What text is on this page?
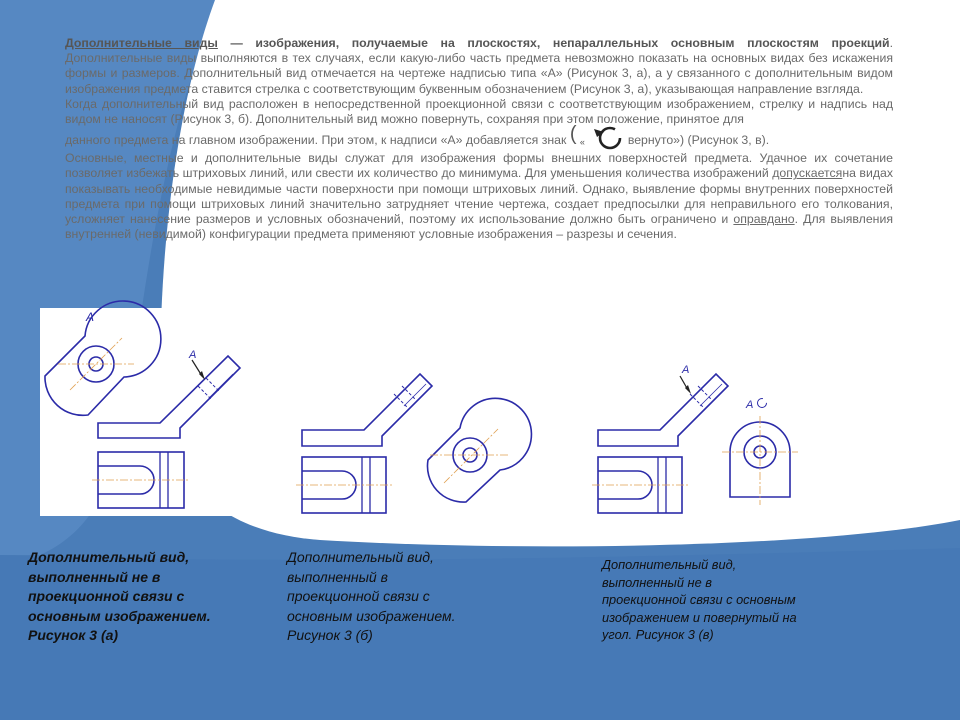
Дополнительные виды — изображения, получаемые на плоскостях, непараллельных основным плоскостям проекций. Дополнительные виды выполняются в тех случаях, если какую-либо часть предмета невозможно показать на основных видах без искажения формы и размеров. Дополнительный вид отмечается на чертеже надписью типа «А» (Рисунок 3, а), а у связанного с дополнительным видом изображения предмета ставится стрелка с соответствующим буквенным обозначением (Рисунок 3, а), указывающая направление взгляда.

Когда дополнительный вид расположен в непосредственной проекционной связи с соответствующим изображением, стрелку и надпись над видом не наносят (Рисунок 3, б). Дополнительный вид можно повернуть, сохраняя при этом положение, принятое для

данного предмета на главном изображении. При этом, к надписи «А» добавляется знак ( «	вернуто») (Рисунок 3, в).

Основные, местные и дополнительные виды служат для изображения формы внешних поверхностей предмета. Удачное их сочетание позволяет избежать штриховых линий, или свести их количество до минимума. Для уменьшения количества изображений допускаетсяна видах показывать необходимые невидимые части поверхности при помощи штриховых линий. Однако, выявление формы внутренних поверхностей предмета при помощи штриховых линий значительно затрудняет чтение чертежа, создает предпосылки для неправильного его толкования, усложняет нанесение размеров и условных обозначений, поэтому их использование должно быть ограничено и оправдано. Для выявления внутренней (невидимой) конфигурации предмета применяют условные изображения – разрезы и сечения.

А
А
А
А
Дополнительный вид,
выполненный не в
проекционной связи с
основным изображением.
Рисунок 3 (а)
Дополнительный вид,
выполненный в
проекционной связи с
основным изображением.
Рисунок 3 (б)
Дополнительный вид,
выполненный не в
проекционной связи с основным
изображением и повернутый на
угол. Рисунок 3 (в)
